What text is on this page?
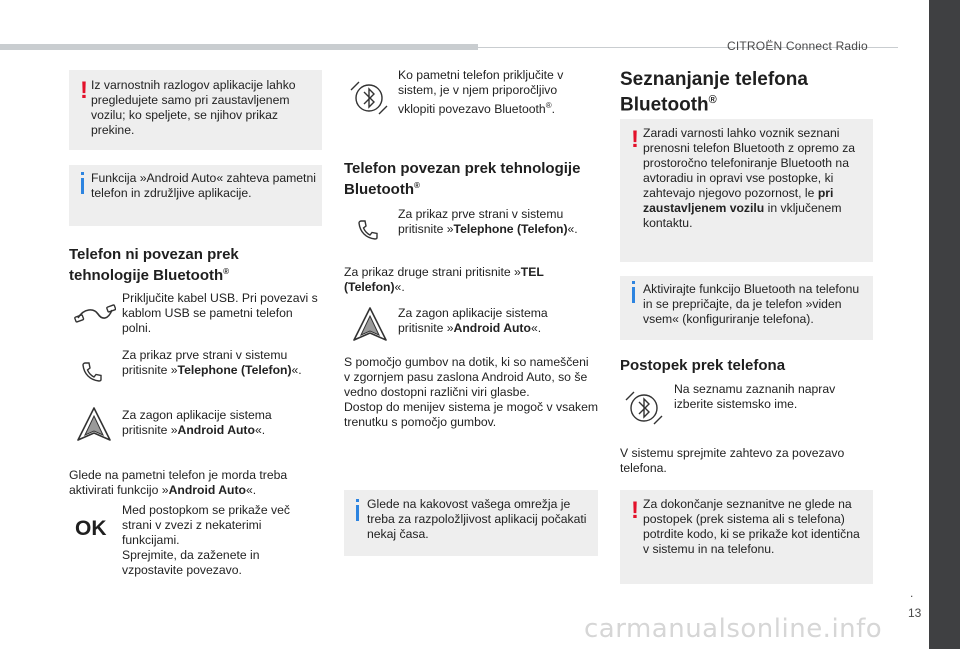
CITROËN Connect Radio
.
13
carmanualsonline.info
! Iz varnostnih razlogov aplikacije lahko pregledujete samo pri zaustavljenem vozilu; ko speljete, se njihov prikaz prekine.
Funkcija »Android Auto« zahteva pametni telefon in združljive aplikacije.
Telefon ni povezan prek
tehnologije Bluetooth®
Priključite kabel USB. Pri povezavi s kablom USB se pametni telefon polni.
Za prikaz prve strani v sistemu pritisnite »Telephone (Telefon)«.
Za zagon aplikacije sistema pritisnite »Android Auto«.
Glede na pametni telefon je morda treba aktivirati funkcijo »Android Auto«.
OK
Med postopkom se prikaže več strani v zvezi z nekaterimi funkcijami.
Sprejmite, da zaženete in vzpostavite povezavo.
Ko pametni telefon priključite v sistem, je v njem priporočljivo vklopiti povezavo Bluetooth®.
Telefon povezan prek tehnologije
Bluetooth®
Za prikaz prve strani v sistemu pritisnite »Telephone (Telefon)«.
Za prikaz druge strani pritisnite »TEL (Telefon)«.
Za zagon aplikacije sistema pritisnite »Android Auto«.
S pomočjo gumbov na dotik, ki so nameščeni v zgornjem pasu zaslona Android Auto, so še vedno dostopni različni viri glasbe.
Dostop do menijev sistema je mogoč v vsakem trenutku s pomočjo gumbov.
Glede na kakovost vašega omrežja je treba za razpoložljivost aplikacij počakati nekaj časa.
Seznanjanje telefona
Bluetooth®
! Zaradi varnosti lahko voznik seznani prenosni telefon Bluetooth z opremo za prostoročno telefoniranje Bluetooth na avtoradiu in opravi vse postopke, ki zahtevajo njegovo pozornost, le pri zaustavljenem vozilu in vključenem kontaktu.
Aktivirajte funkcijo Bluetooth na telefonu in se prepričajte, da je telefon »viden vsem« (konfiguriranje telefona).
Postopek prek telefona
Na seznamu zaznanih naprav izberite sistemsko ime.
V sistemu sprejmite zahtevo za povezavo telefona.
! Za dokončanje seznanitve ne glede na postopek (prek sistema ali s telefona) potrdite kodo, ki se prikaže kot identična v sistemu in na telefonu.
